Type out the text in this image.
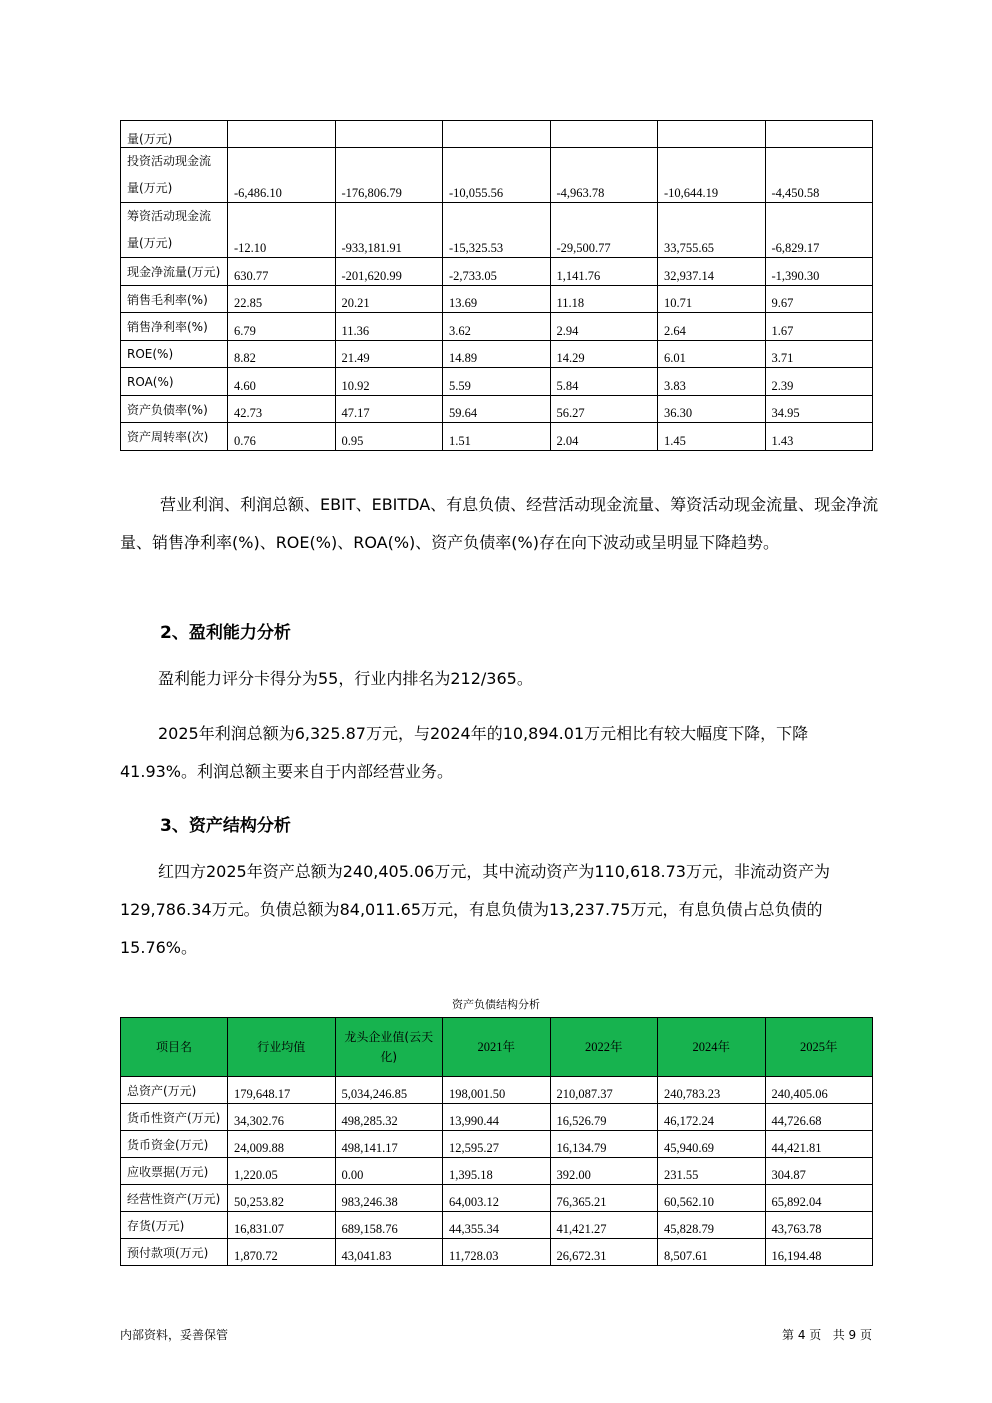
量(万元)						
投资活动现金流量(万元)	-6,486.10	-176,806.79	-10,055.56	-4,963.78	-10,644.19	-4,450.58
筹资活动现金流量(万元)	-12.10	-933,181.91	-15,325.53	-29,500.77	33,755.65	-6,829.17
现金净流量(万元)	630.77	-201,620.99	-2,733.05	1,141.76	32,937.14	-1,390.30
销售毛利率(%)	22.85	20.21	13.69	11.18	10.71	9.67
销售净利率(%)	6.79	11.36	3.62	2.94	2.64	1.67
ROE(%)	8.82	21.49	14.89	14.29	6.01	3.71
ROA(%)	4.60	10.92	5.59	5.84	3.83	2.39
资产负债率(%)	42.73	47.17	59.64	56.27	36.30	34.95
资产周转率(次)	0.76	0.95	1.51	2.04	1.45	1.43
营业利润、利润总额、EBIT、EBITDA、有息负债、经营活动现金流量、筹资活动现金流量、现金净流量、销售净利率(%)、ROE(%)、ROA(%)、资产负债率(%)存在向下波动或呈明显下降趋势。
2、盈利能力分析
盈利能力评分卡得分为55，行业内排名为212/365。
2025年利润总额为6,325.87万元，与2024年的10,894.01万元相比有较大幅度下降，下降41.93%。利润总额主要来自于内部经营业务。
3、资产结构分析
红四方2025年资产总额为240,405.06万元，其中流动资产为110,618.73万元，非流动资产为129,786.34万元。负债总额为84,011.65万元，有息负债为13,237.75万元，有息负债占总负债的15.76%。
资产负债结构分析
项目名	行业均值	龙头企业值(云天化)	2021年	2022年	2024年	2025年
总资产(万元)	179,648.17	5,034,246.85	198,001.50	210,087.37	240,783.23	240,405.06
货币性资产(万元)	34,302.76	498,285.32	13,990.44	16,526.79	46,172.24	44,726.68
货币资金(万元)	24,009.88	498,141.17	12,595.27	16,134.79	45,940.69	44,421.81
应收票据(万元)	1,220.05	0.00	1,395.18	392.00	231.55	304.87
经营性资产(万元)	50,253.82	983,246.38	64,003.12	76,365.21	60,562.10	65,892.04
存货(万元)	16,831.07	689,158.76	44,355.34	41,421.27	45,828.79	43,763.78
预付款项(万元)	1,870.72	43,041.83	11,728.03	26,672.31	8,507.61	16,194.48
内部资料，妥善保管	第 4 页   共 9 页
